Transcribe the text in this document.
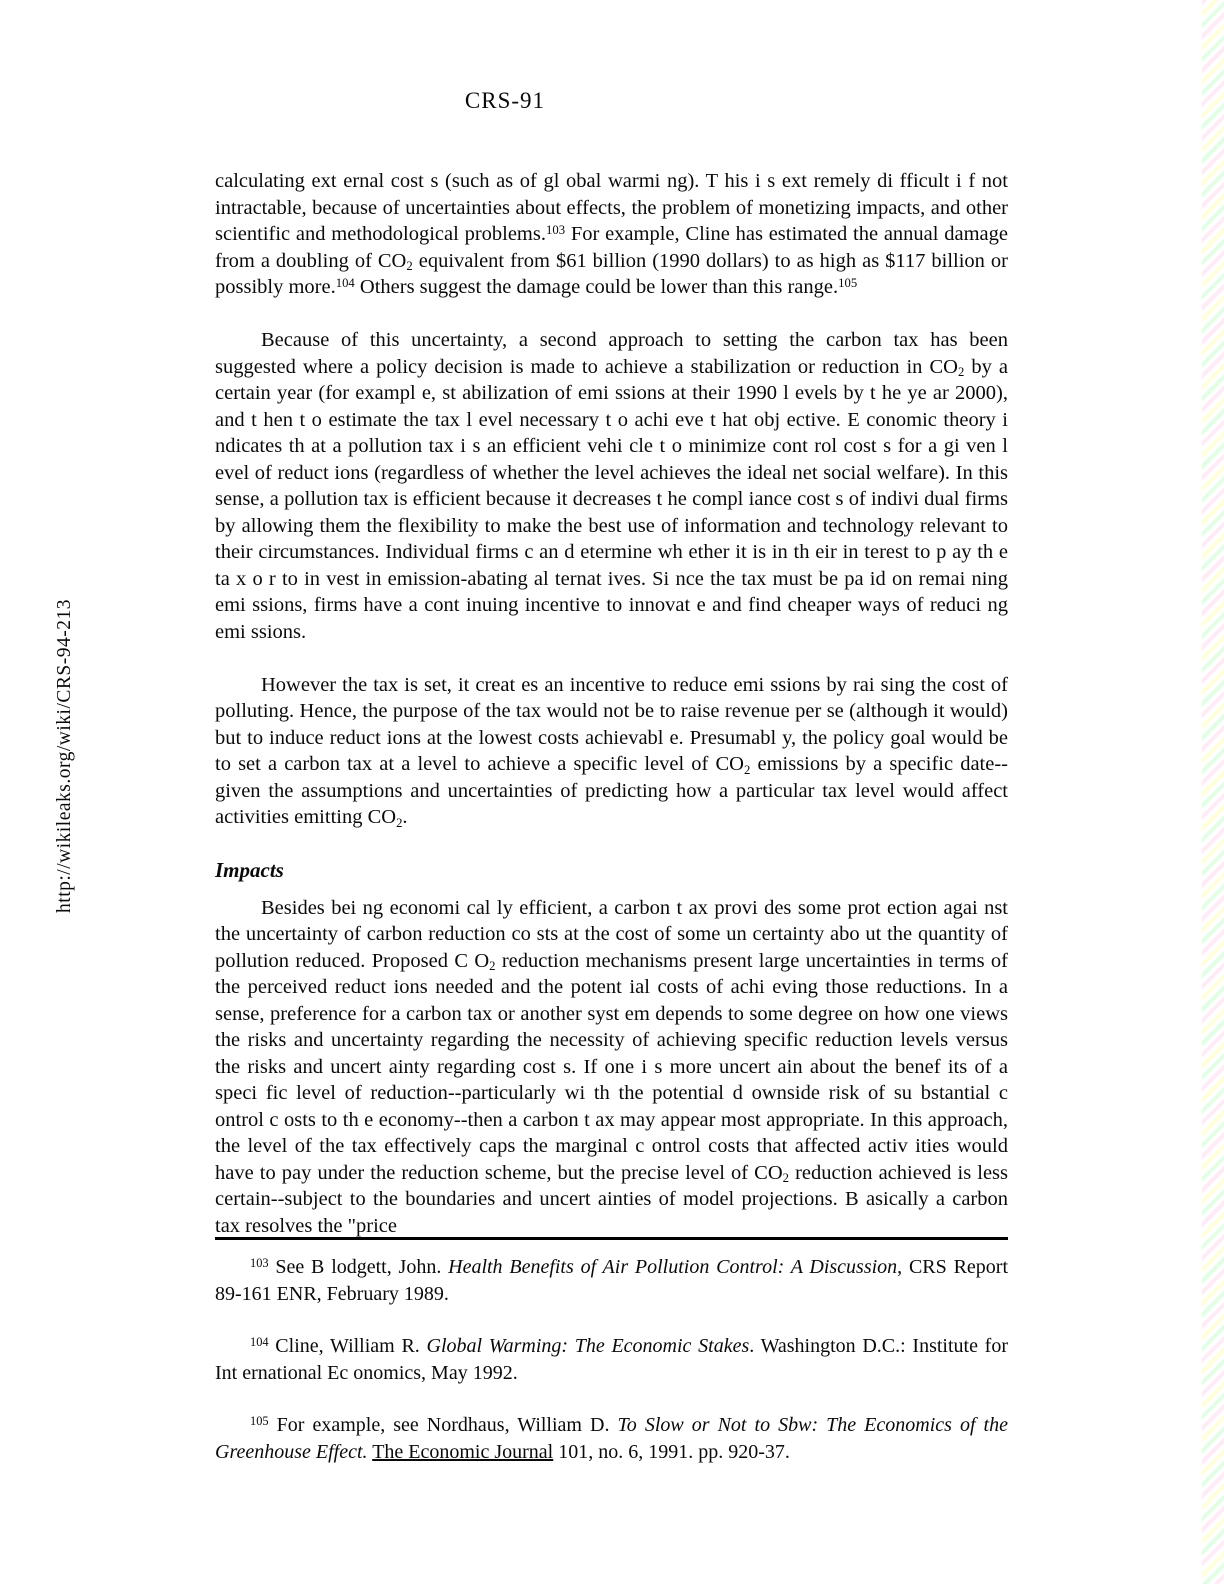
http://wikileaks.org/wiki/CRS-94-213
CRS-91

calculating ext ernal cost s (such as of gl obal warmi ng). T his i s ext remely di fficult i f not intractable, because of uncertainties about effects, the problem of monetizing impacts, and other scientific and methodological problems.$^{103}$ For example, Cline has estimated the annual damage from a doubling of $CO_2$ equivalent from $61 billion (1990 dollars) to as high as $117 billion or possibly more.$^{104}$ Others suggest the damage could be lower than this range.$^{105}$

Because of this uncertainty, a second approach to setting the carbon tax has been suggested where a policy decision is made to achieve a stabilization or reduction in $CO_2$ by a certain year (for exampl e, st abilization of emi ssions at their 1990 l evels by t he ye ar 2000), and t hen t o estimate the tax l evel necessary t o achi eve t hat obj ective. E conomic theory i ndicates th at a pollution tax i s an efficient vehi cle t o minimize cont rol cost s for a gi ven l evel of reduct ions (regardless of whether the level achieves the ideal net social welfare). In this sense, a pollution tax is efficient because it decreases t he compl iance cost s of indivi dual firms by allowing them the flexibility to make the best use of information and technology relevant to their circumstances. Individual firms c an d etermine wh ether it is in th eir in terest to p ay th e ta x o r to in vest in emission-abating al ternat ives. Si nce the tax must be pa id on remai ning emi ssions, firms have a cont inuing incentive to innovat e and find cheaper ways of reduci ng emi ssions.

However the tax is set, it creat es an incentive to reduce emi ssions by rai sing the cost of polluting. Hence, the purpose of the tax would not be to raise revenue per se (although it would) but to induce reduct ions at the lowest costs achievabl e. Presumabl y, the policy goal would be to set a carbon tax at a level to achieve a specific level of $CO_2$ emissions by a specific date--given the assumptions and uncertainties of predicting how a particular tax level would affect activities emitting $CO_2$.

Impacts

Besides bei ng economi cal ly efficient, a carbon t ax provi des some prot ection agai nst the uncertainty of carbon reduction co sts at the cost of some un certainty abo ut the quantity of pollution reduced. Proposed C $O_2$ reduction mechanisms present large uncertainties in terms of the perceived reduct ions needed and the potent ial costs of achi eving those reductions. In a sense, preference for a carbon tax or another syst em depends to some degree on how one views the risks and uncertainty regarding the necessity of achieving specific reduction levels versus the risks and uncert ainty regarding cost s. If one i s more uncert ain about the benef its of a speci fic level of reduction--particularly wi th the potential d ownside risk of su bstantial c ontrol c osts to th e economy--then a carbon t ax may appear most appropriate. In this approach, the level of the tax effectively caps the marginal c ontrol costs that affected activ ities would have to pay under the reduction scheme, but the precise level of $CO_2$ reduction achieved is less certain--subject to the boundaries and uncert ainties of model projections. B asically a carbon tax resolves the "price

$^{103}$ See B lodgett, John. Health Benefits of Air Pollution Control: A Discussion, CRS Report 89-161 ENR, February 1989.

$^{104}$ Cline, William R. Global Warming: The Economic Stakes. Washington D.C.: Institute for Int ernational Ec onomics, May 1992.

$^{105}$ For example, see Nordhaus, William D. To Slow or Not to Sbw: The Economics of the Greenhouse Effect. The Economic Journal 101, no. 6, 1991. pp. 920-37.
